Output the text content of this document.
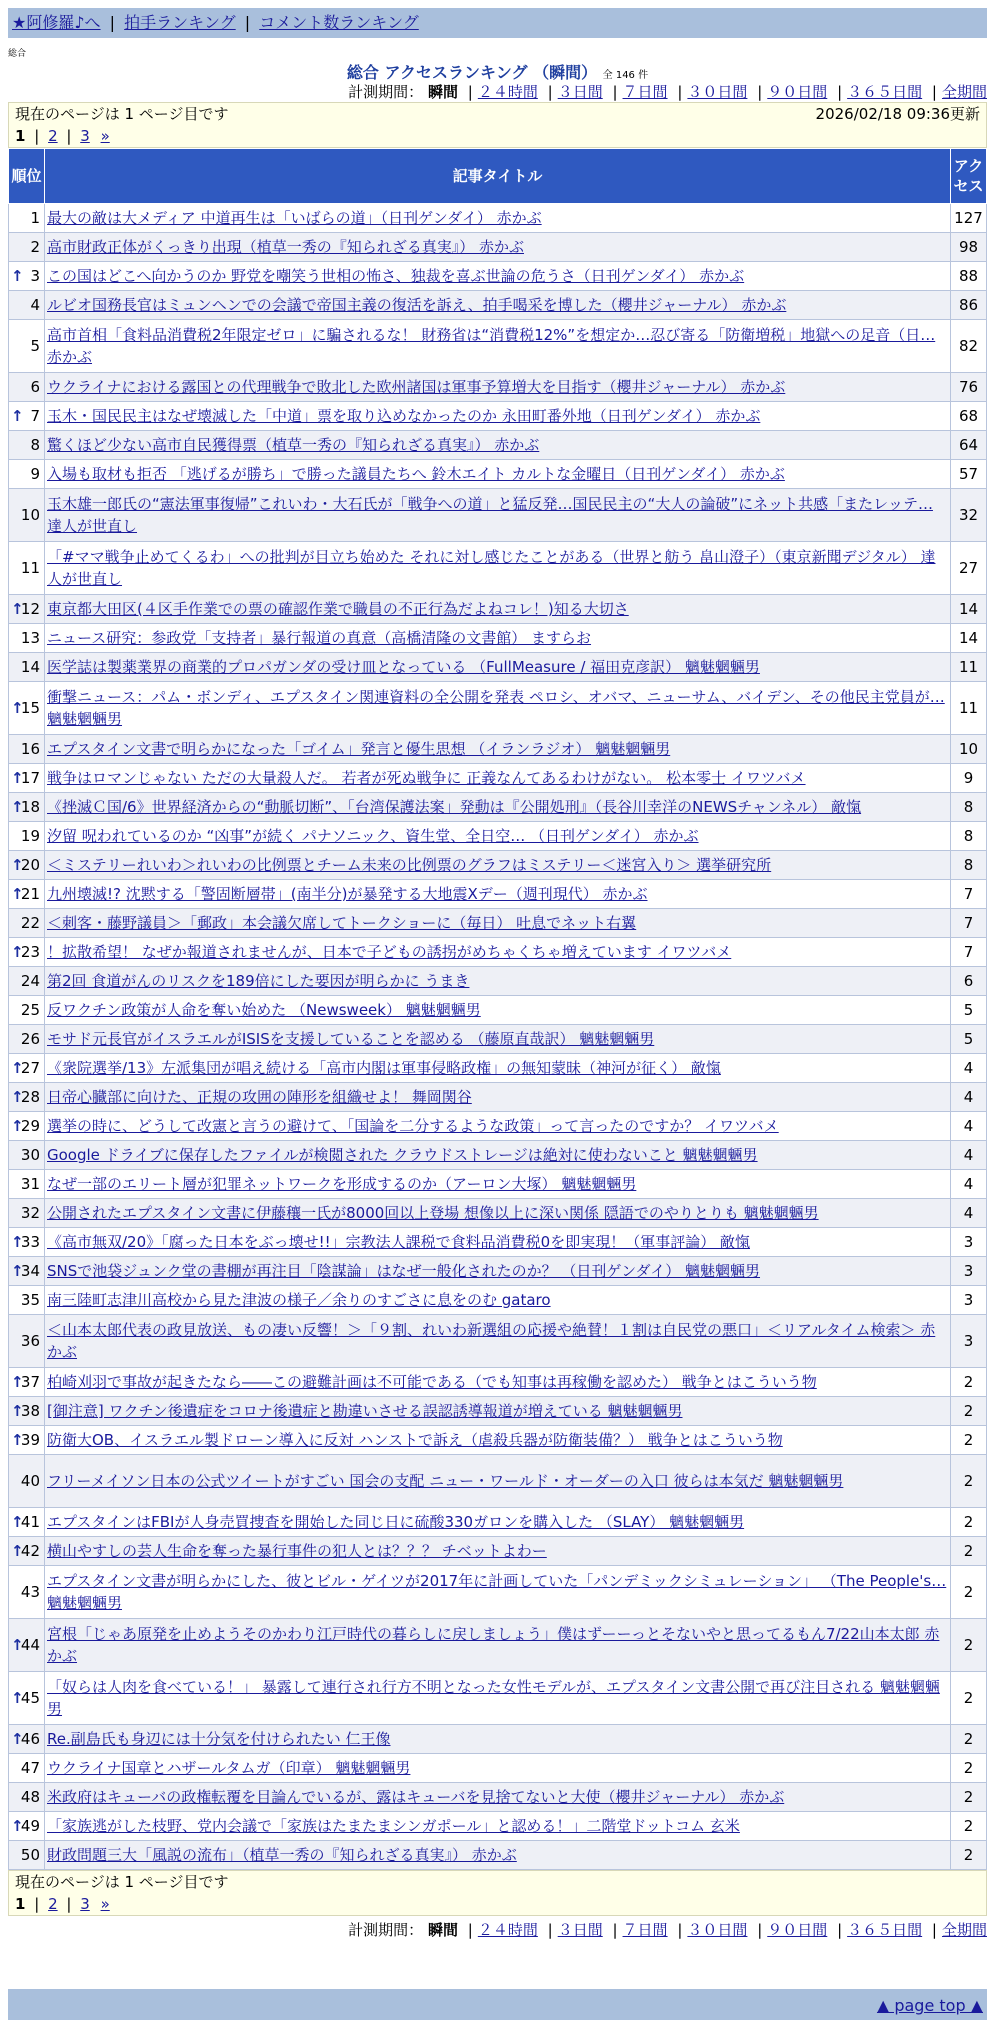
★阿修羅♪へ | 拍手ランキング | コメント数ランキング
総合
総合 アクセスランキング （瞬間） 全 146 件
計測期間： 瞬間 | ２４時間 | ３日間 | ７日間 | ３０日間 | ９０日間 | ３６５日間 | 全期間
現在のページは 1 ページ目です	2026/02/18 09:36更新
1 | 2 | 3 »
順位	記事タイトル	アクセス
1	最大の敵は大メディア 中道再生は「いばらの道」（日刊ゲンダイ） 赤かぶ	127
2	高市財政正体がくっきり出現（植草一秀の『知られざる真実』） 赤かぶ	98

↑ 3	この国はどこへ向かうのか 野党を嘲笑う世相の怖さ、独裁を喜ぶ世論の危うさ（日刊ゲンダイ） 赤かぶ	88
4	ルビオ国務長官はミュンヘンでの会議で帝国主義の復活を訴え、拍手喝采を博した（櫻井ジャーナル） 赤かぶ	86
5	高市首相「食料品消費税2年限定ゼロ」に騙されるな！ 財務省は“消費税12%”を想定か…忍び寄る「防衛増税」地獄への足音（日… 赤かぶ	82
6	ウクライナにおける露国との代理戦争で敗北した欧州諸国は軍事予算増大を目指す（櫻井ジャーナル） 赤かぶ	76

↑ 7	玉木・国民民主はなぜ壊滅した「中道」票を取り込めなかったのか 永田町番外地（日刊ゲンダイ） 赤かぶ	68
8	驚くほど少ない高市自民獲得票（植草一秀の『知られざる真実』） 赤かぶ	64
9	入場も取材も拒否 「逃げるが勝ち」で勝った議員たちへ 鈴木エイト カルトな金曜日（日刊ゲンダイ） 赤かぶ	57
10	玉木雄一郎氏の“憲法軍事復帰”これいわ・大石氏が「戦争への道」と猛反発…国民民主の“大人の論破”にネット共感「またレッテ… 達人が世直し	32
11	「#ママ戦争止めてくるわ」への批判が目立ち始めた それに対し感じたことがある（世界と舫う 畠山澄子）（東京新聞デジタル） 達人が世直し	27

↑
12	東京都大田区(４区手作業での票の確認作業で職員の不正行為だよねコレ！)知る大切さ	14
13	ニュース研究：参政党「支持者」暴行報道の真意（高橋清隆の文書館） ますらお	14
14	医学誌は製薬業界の商業的プロパガンダの受け皿となっている （FullMeasure / 福田克彦訳） 魑魅魍魎男	11

↑
15	衝撃ニュース：パム・ボンディ、エプスタイン関連資料の全公開を発表 ペロシ、オバマ、ニューサム、バイデン、その他民主党員が… 魑魅魍魎男	11
16	エプスタイン文書で明らかになった「ゴイム」発言と優生思想 （イランラジオ） 魑魅魍魎男	10

↑
17	戦争はロマンじゃない ただの大量殺人だ。 若者が死ぬ戦争に 正義なんてあるわけがない。 松本零士 イワツバメ	9

↑
18	《挫滅Ｃ国/6》世界経済からの“動脈切断”、「台湾保護法案」発動は『公開処刑』（長谷川幸洋のNEWSチャンネル） 敵愾	8
19	汐留 呪われているのか “凶事”が続く パナソニック、資生堂、全日空… （日刊ゲンダイ） 赤かぶ	8

↑
20	＜ミステリーれいわ＞れいわの比例票とチーム未来の比例票のグラフはミステリー＜迷宮入り＞ 選挙研究所	8

↑
21	九州壊滅!? 沈黙する「警固断層帯」(南半分)が暴発する大地震Xデー（週刊現代） 赤かぶ	7
22	＜刺客・藤野議員＞「郵政」本会議欠席してトークショーに（毎日） 吐息でネット右翼	7

↑
23	！拡散希望！ なぜか報道されませんが、日本で子どもの誘拐がめちゃくちゃ増えています イワツバメ	7
24	第2回 食道がんのリスクを189倍にした要因が明らかに うまき	6
25	反ワクチン政策が人命を奪い始めた （Newsweek） 魑魅魍魎男	5
26	モサド元長官がイスラエルがISISを支援していることを認める （藤原直哉訳） 魑魅魍魎男	5

↑
27	《衆院選挙/13》左派集団が唱え続ける「高市内閣は軍事侵略政権」の無知蒙昧（神河が征く） 敵愾	4

↑
28	日帝心臓部に向けた、正規の攻囲の陣形を組織せよ！ 舞岡関谷	4

↑
29	選挙の時に、どうして改憲と言うの避けて、「国論を二分するような政策」って言ったのですか？ イワツバメ	4
30	Google ドライブに保存したファイルが検閲された クラウドストレージは絶対に使わないこと 魑魅魍魎男	4
31	なぜ一部のエリート層が犯罪ネットワークを形成するのか（アーロン大塚） 魑魅魍魎男	4
32	公開されたエプスタイン文書に伊藤穰一氏が8000回以上登場 想像以上に深い関係 隠語でのやりとりも 魑魅魍魎男	4

↑
33	《高市無双/20》「腐った日本をぶっ壊せ!!」宗教法人課税で食料品消費税0を即実現！（軍事評論） 敵愾	3

↑
34	SNSで池袋ジュンク堂の書棚が再注目「陰謀論」はなぜ一般化されたのか？ （日刊ゲンダイ） 魑魅魍魎男	3
35	南三陸町志津川高校から見た津波の様子／余りのすごさに息をのむ gataro	3
36	＜山本太郎代表の政見放送、もの凄い反響！＞「９割、れいわ新選組の応援や絶賛！１割は自民党の悪口」＜リアルタイム検索＞ 赤かぶ	3

↑
37	柏崎刈羽で事故が起きたなら――この避難計画は不可能である（でも知事は再稼働を認めた） 戦争とはこういう物	2

↑
38	[御注意] ワクチン後遺症をコロナ後遺症と勘違いさせる誤認誘導報道が増えている 魑魅魍魎男	2

↑
39	防衛大OB、イスラエル製ドローン導入に反対 ハンストで訴え（虐殺兵器が防衛装備？） 戦争とはこういう物	2
40	フリーメイソン日本の公式ツイートがすごい 国会の支配 ニュー・ワールド・オーダーの入口 彼らは本気だ 魑魅魍魎男	2

↑
41	エプスタインはFBIが人身売買捜査を開始した同じ日に硫酸330ガロンを購入した （SLAY） 魑魅魍魎男	2

↑
42	横山やすしの芸人生命を奪った暴行事件の犯人とは？？？ チベットよわー	2
43	エプスタイン文書が明らかにした、彼とビル・ゲイツが2017年に計画していた「パンデミックシミュレーション」 （The People's… 魑魅魍魎男	2

↑
44	宮根「じゃあ原発を止めようそのかわり江戸時代の暮らしに戻しましょう」僕はずーーっとそないやと思ってるもん7/22山本太郎 赤かぶ	2

↑
45	「奴らは人肉を食べている！」 暴露して連行され行方不明となった女性モデルが、エプスタイン文書公開で再び注目される 魑魅魍魎男	2

↑
46	Re.副島氏も身辺には十分気を付けられたい 仁王像	2
47	ウクライナ国章とハザールタムガ（印章） 魑魅魍魎男	2
48	米政府はキューバの政権転覆を目論んでいるが、露はキューバを見捨てないと大使（櫻井ジャーナル） 赤かぶ	2

↑
49	「家族逃がした枝野、党内会議で「家族はたまたまシンガポール」と認める！」二階堂ドットコム 玄米	2
50	財政問題三大「風説の流布」（植草一秀の『知られざる真実』） 赤かぶ	2
現在のページは 1 ページ目です
1 | 2 | 3 »
計測期間： 瞬間 | ２４時間 | ３日間 | ７日間 | ３０日間 | ９０日間 | ３６５日間 | 全期間
▲ page top ▲
